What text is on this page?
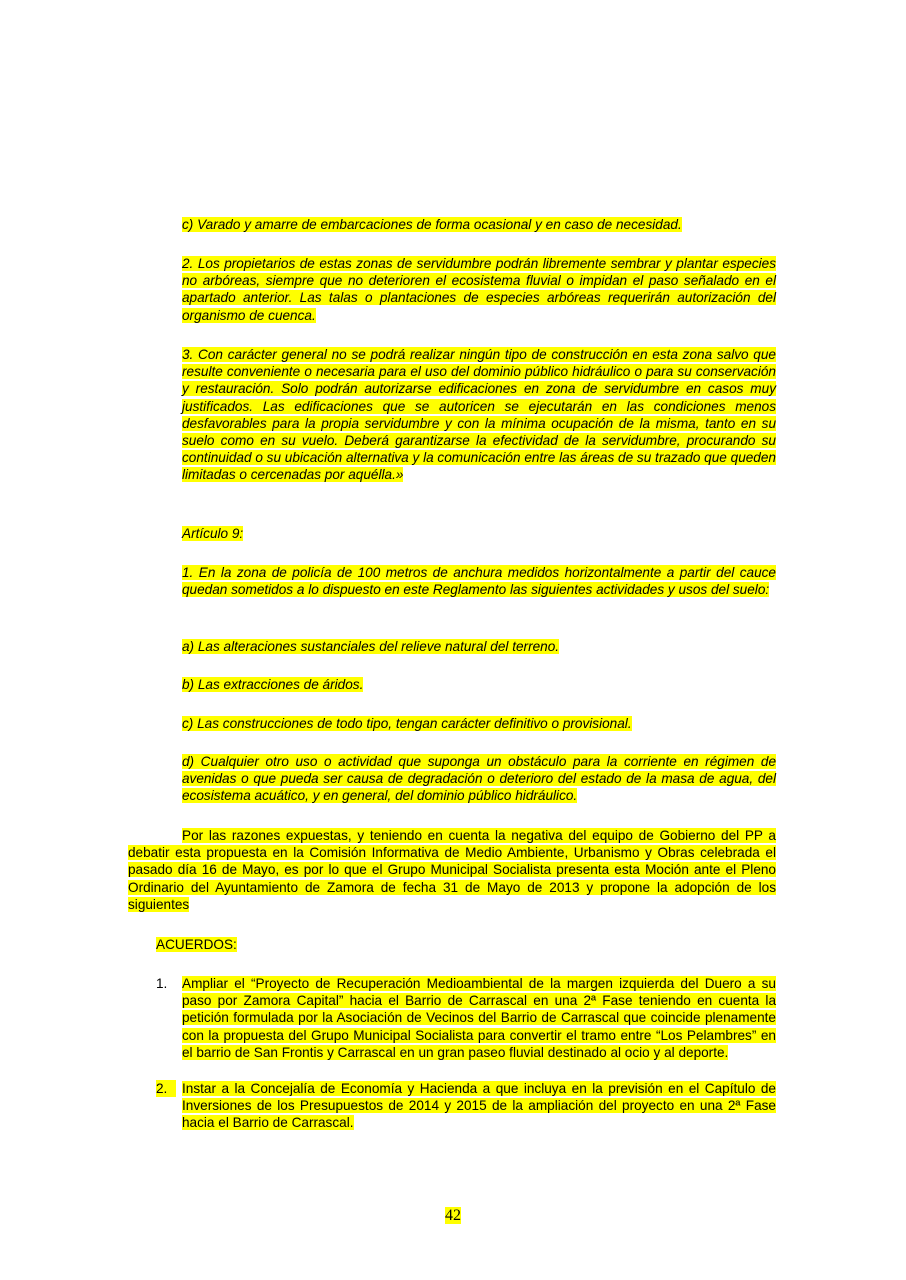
c) Varado y amarre de embarcaciones de forma ocasional y en caso de necesidad.

2. Los propietarios de estas zonas de servidumbre podrán libremente sembrar y plantar especies no arbóreas, siempre que no deterioren el ecosistema fluvial o impidan el paso señalado en el apartado anterior. Las talas o plantaciones de especies arbóreas requerirán autorización del organismo de cuenca.

3. Con carácter general no se podrá realizar ningún tipo de construcción en esta zona salvo que resulte conveniente o necesaria para el uso del dominio público hidráulico o para su conservación y restauración. Solo podrán autorizarse edificaciones en zona de servidumbre en casos muy justificados. Las edificaciones que se autoricen se ejecutarán en las condiciones menos desfavorables para la propia servidumbre y con la mínima ocupación de la misma, tanto en su suelo como en su vuelo. Deberá garantizarse la efectividad de la servidumbre, procurando su continuidad o su ubicación alternativa y la comunicación entre las áreas de su trazado que queden limitadas o cercenadas por aquélla.»

Artículo 9:

1. En la zona de policía de 100 metros de anchura medidos horizontalmente a partir del cauce quedan sometidos a lo dispuesto en este Reglamento las siguientes actividades y usos del suelo:

a) Las alteraciones sustanciales del relieve natural del terreno.

b) Las extracciones de áridos.

c) Las construcciones de todo tipo, tengan carácter definitivo o provisional.

d) Cualquier otro uso o actividad que suponga un obstáculo para la corriente en régimen de avenidas o que pueda ser causa de degradación o deterioro del estado de la masa de agua, del ecosistema acuático, y en general, del dominio público hidráulico.

Por las razones expuestas, y teniendo en cuenta la negativa del equipo de Gobierno del PP a debatir esta propuesta en la Comisión Informativa de Medio Ambiente, Urbanismo y Obras celebrada el pasado día 16 de Mayo, es por lo que el Grupo Municipal Socialista presenta esta Moción ante el Pleno Ordinario del Ayuntamiento de Zamora de fecha 31 de Mayo de 2013 y propone la adopción de los siguientes

ACUERDOS:

1.	Ampliar el “Proyecto de Recuperación Medioambiental de la margen izquierda del Duero a su paso por Zamora Capital” hacia el Barrio de Carrascal en una 2ª Fase teniendo en cuenta la petición formulada por la Asociación de Vecinos del Barrio de Carrascal que coincide plenamente con la propuesta del Grupo Municipal Socialista para convertir el tramo entre “Los Pelambres” en el barrio de San Frontis y Carrascal en un gran paseo fluvial destinado al ocio y al deporte.
2.	Instar a la Concejalía de Economía y Hacienda a que incluya en la previsión en el Capítulo de Inversiones de los Presupuestos de 2014 y 2015 de la ampliación del proyecto en una 2ª Fase hacia el Barrio de Carrascal.

42
